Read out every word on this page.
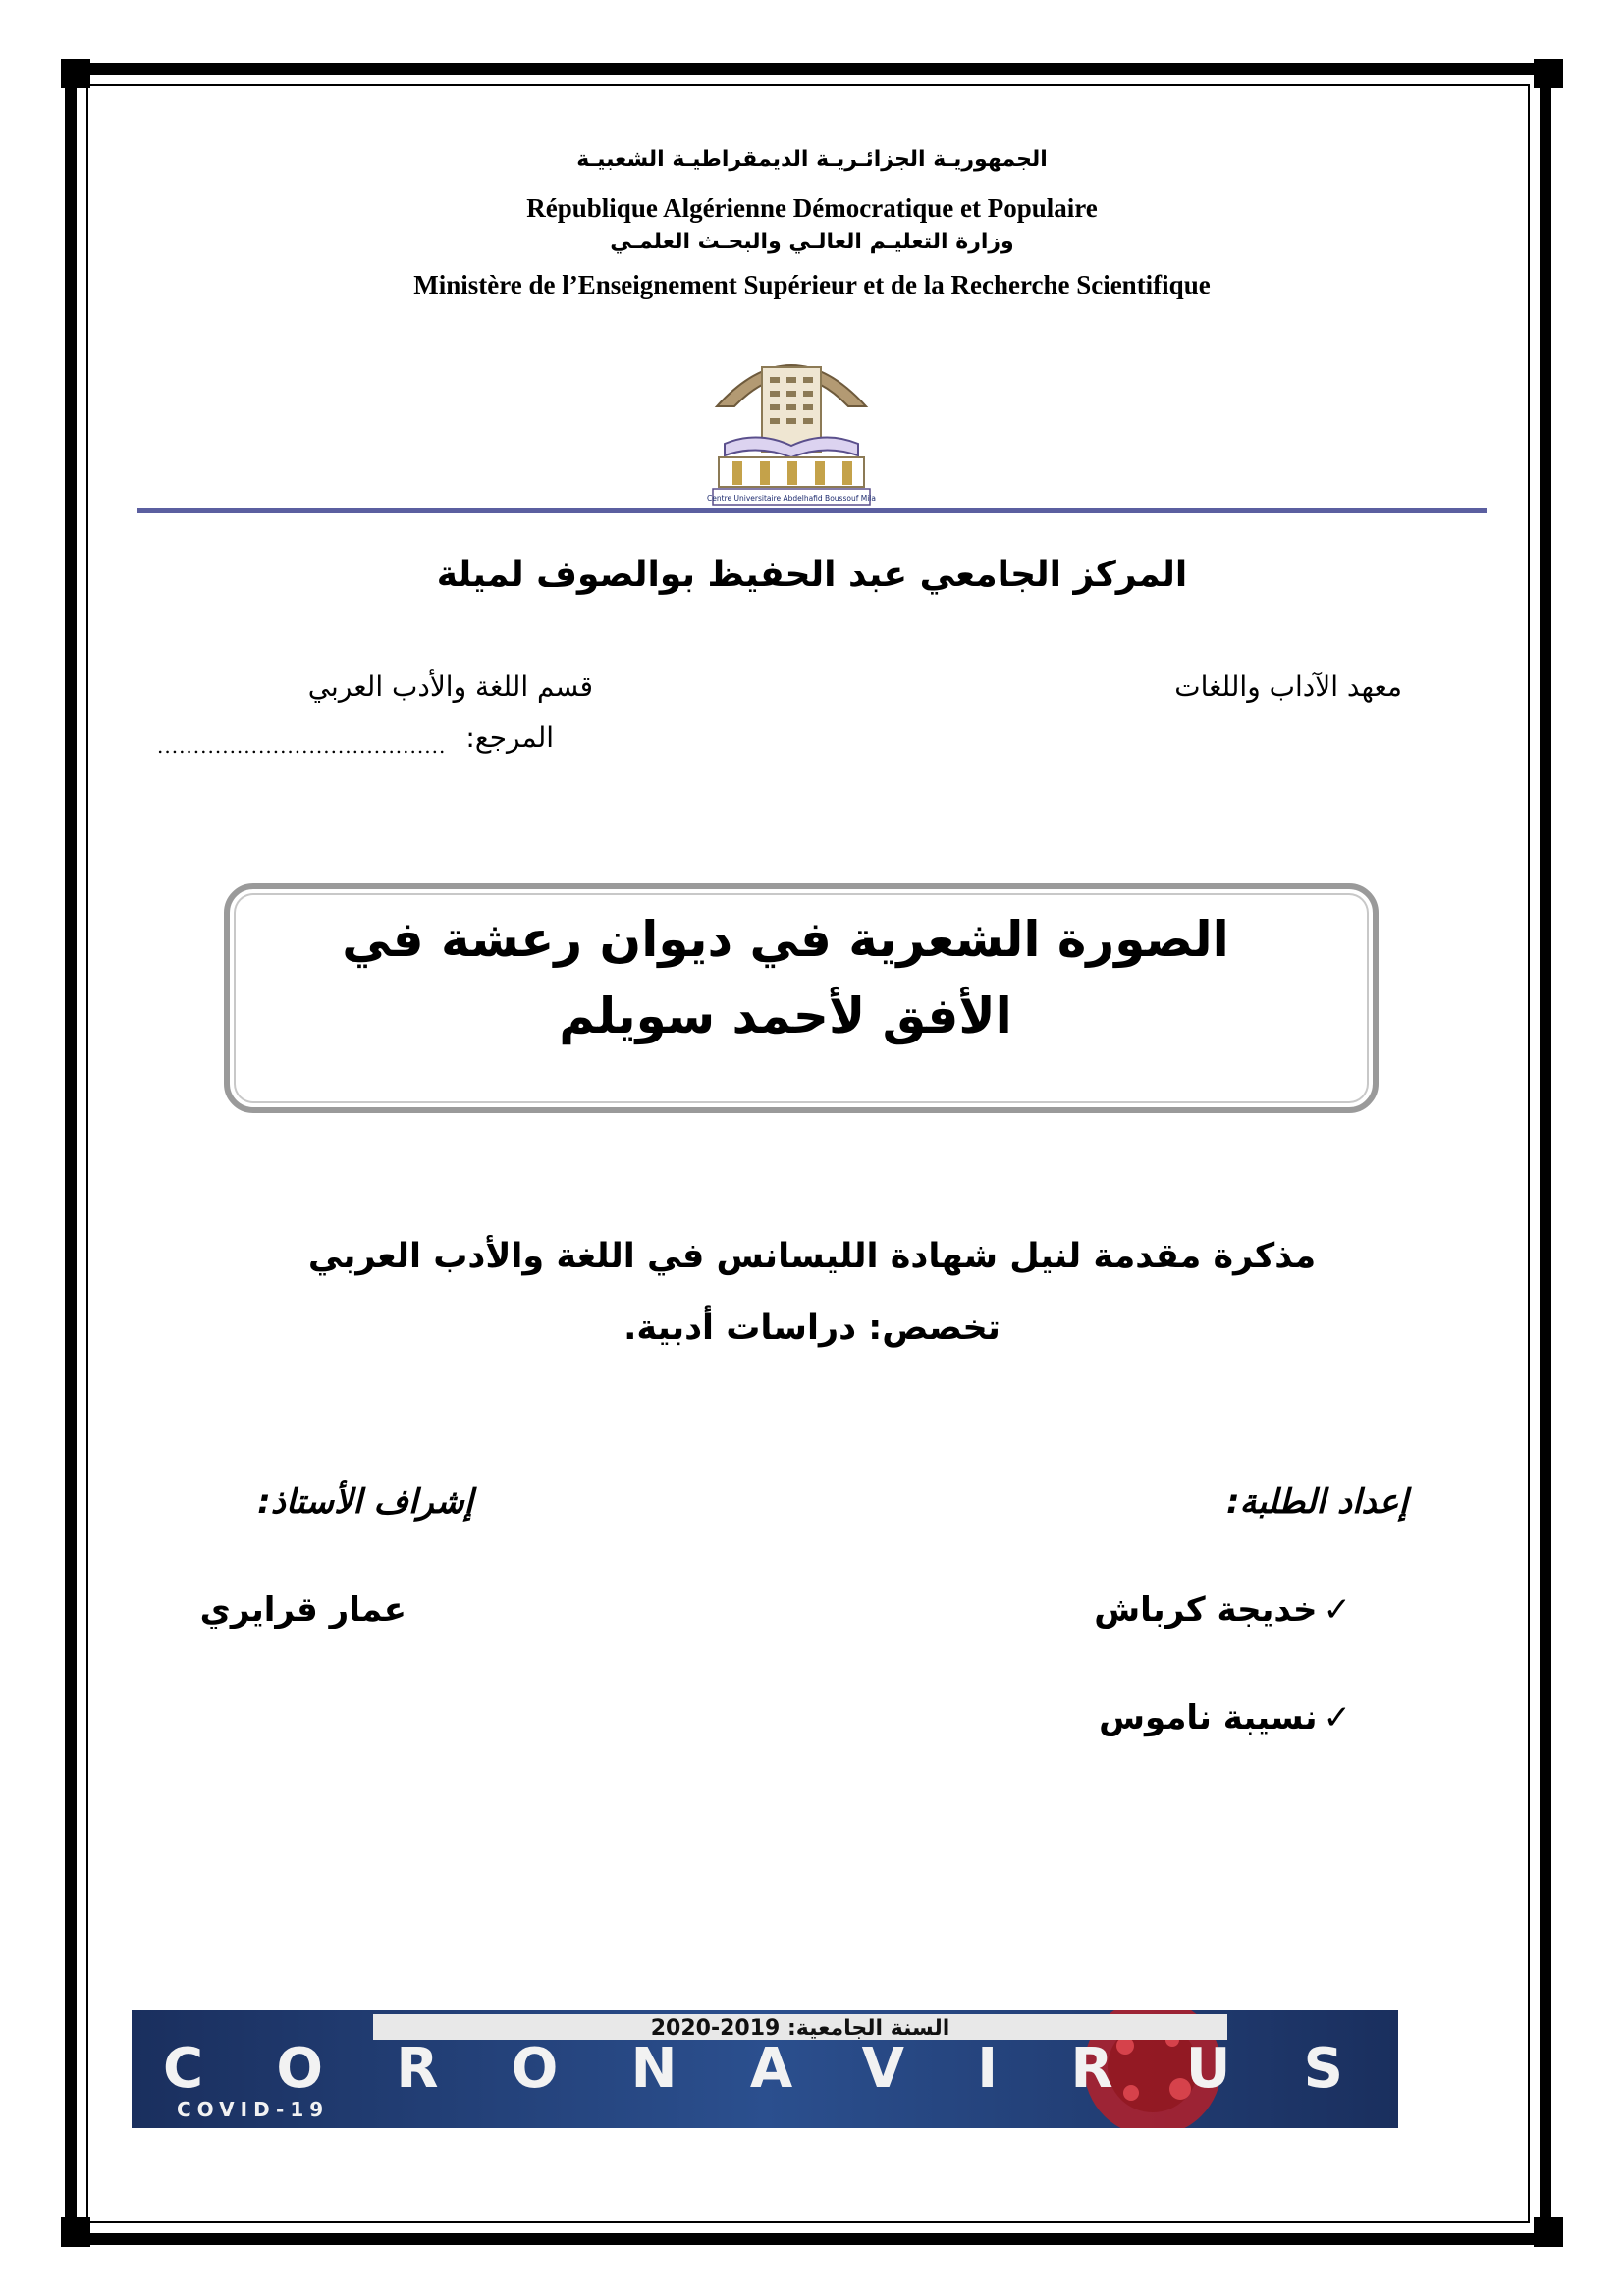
الجمهوريـة الجزائـريـة الديمقراطيـة الشعبيـة
République Algérienne Démocratique et Populaire
وزارة التعليـم العالـي والبحـث العلمـي
Ministère de l’Enseignement Supérieur et de la Recherche Scientifique
Centre Universitaire Abdelhafid Boussouf Mila
المركز الجامعي عبد الحفيظ بوالصوف لميلة
معهد الآداب واللغات
قسم اللغة والأدب العربي
المرجع:
........................................
الصورة الشعرية في ديوان رعشة في الأفق لأحمد سويلم
مذكرة مقدمة لنيل شهادة الليسانس في اللغة والأدب العربي
تخصص: دراسات أدبية.
إعداد الطلبة:
إشراف الأستاذ:
✓خديجة كرباش
✓نسيبة ناموس
عمار قرايري
السنة الجامعية: 2019-2020
CORONAVIRUS
COVID-19
